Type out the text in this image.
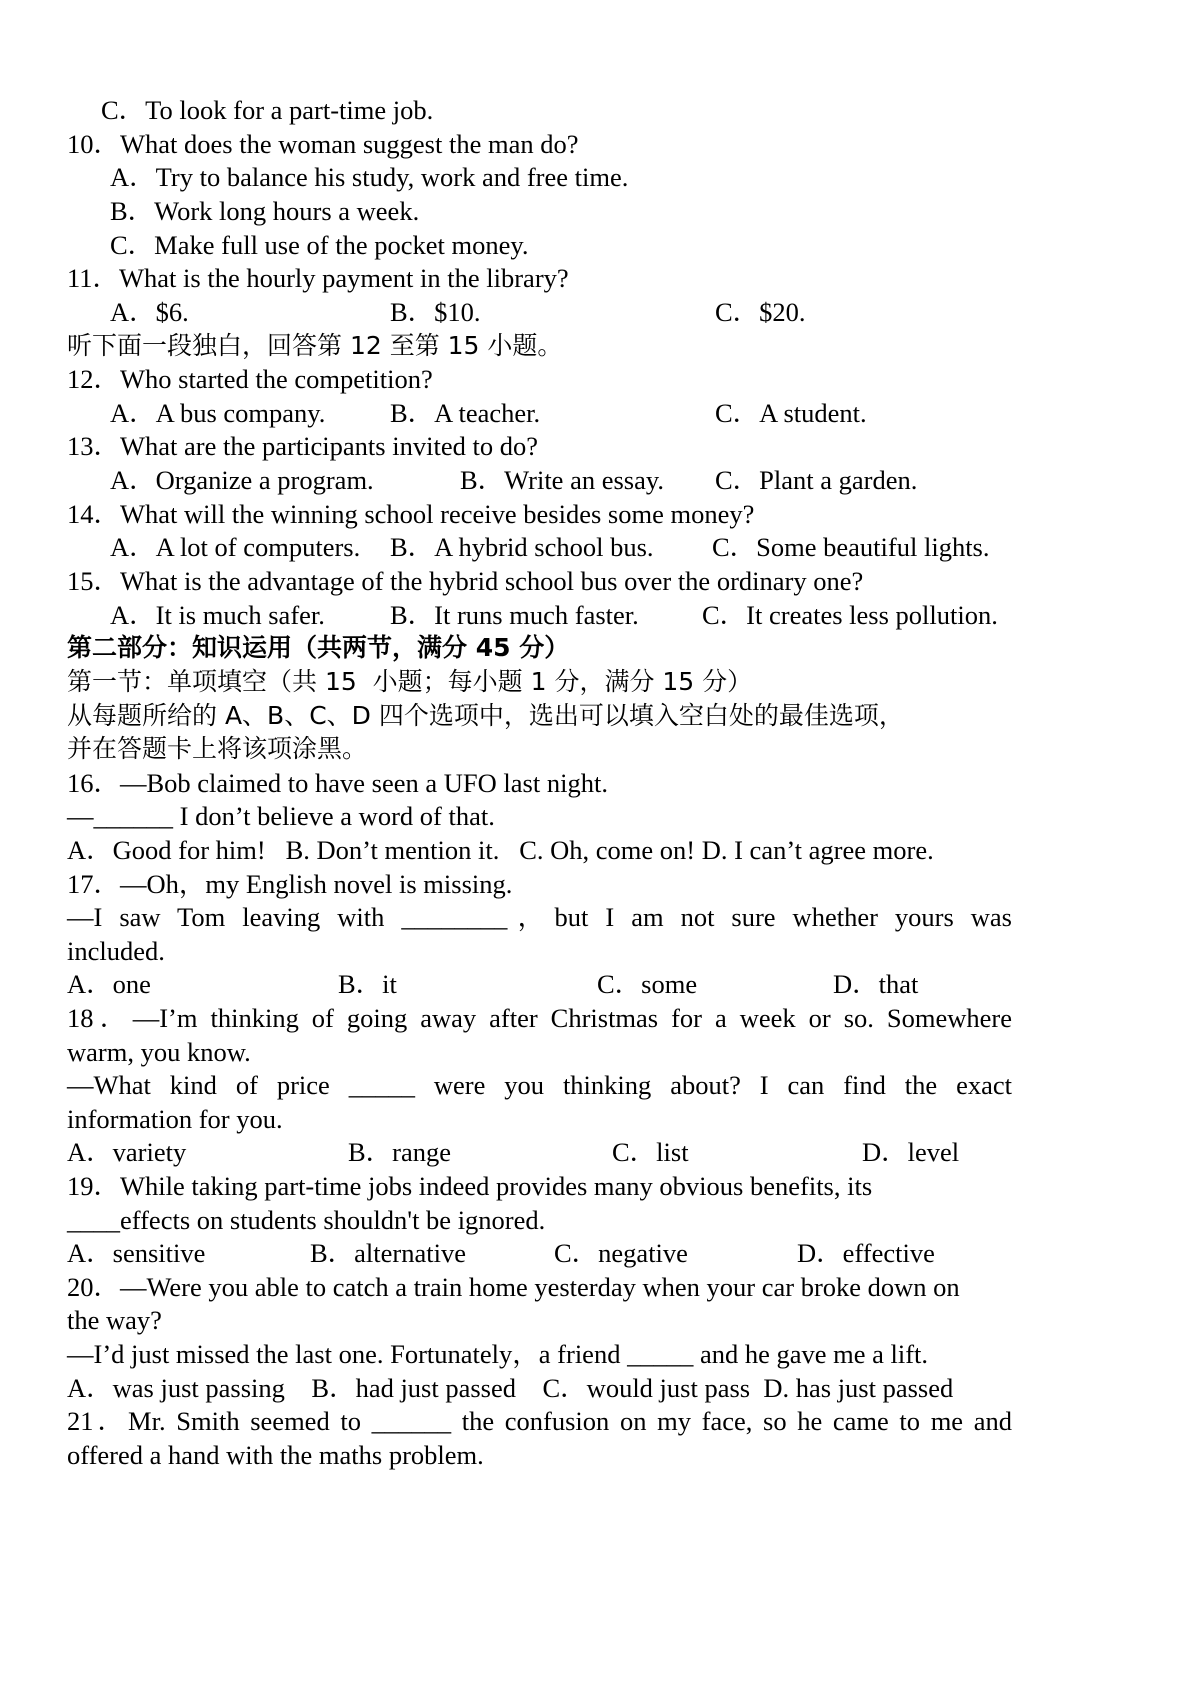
C．To look for a part-time job.
10．What does the woman suggest the man do?
A．Try to balance his study, work and free time.
B．Work long hours a week.
C．Make full use of the pocket money.
11．What is the hourly payment in the library?
A．$6.	B．$10.	C．$20.
听下面一段独白，回答第 12 至第 15 小题。
12．Who started the competition?
A．A bus company. B．A teacher.	C．A student.
13．What are the participants invited to do?
A．Organize a program.	B．Write an essay. C．Plant a garden.
14．What will the winning school receive besides some money?
A．A lot of computers. B．A hybrid school bus. C．Some beautiful lights.
15．What is the advantage of the hybrid school bus over the ordinary one?
A．It is much safer. B．It runs much faster. C．It creates less pollution.
第二部分：知识运用（共两节，满分 45 分）
第一节：单项填空（共 15  小题；每小题 1 分，满分 15 分）
从每题所给的 A、B、C、D 四个选项中，选出可以填入空白处的最佳选项，
并在答题卡上将该项涂黑。
16．—Bob claimed to have seen a UFO last night.
—______ I don’t believe a word of that.
A．Good for him!   B. Don’t mention it.   C. Oh, come on! D. I can’t agree more.
17．—Oh，my English novel is missing.
—I saw Tom leaving with ________，but I am not sure whether yours was
included.
A．one	B．it	C．some	D．that
18．—I’m thinking of going away after Christmas for a week or so. Somewhere
warm, you know.
—What kind of price _____ were you thinking about? I can find the exact
information for you.
A．variety	B．range	C．list	D．level
19．While taking part-time jobs indeed provides many obvious benefits, its
____effects on students shouldn't be ignored.
A．sensitive	B．alternative	C．negative	D．effective
20．—Were you able to catch a train home yesterday when your car broke down on
the way?
—I’d just missed the last one. Fortunately，a friend _____ and he gave me a lift.
A．was just passing    B．had just passed    C．would just pass  D. has just passed
21．Mr. Smith seemed to ______ the confusion on my face, so he came to me and
offered a hand with the maths problem.
